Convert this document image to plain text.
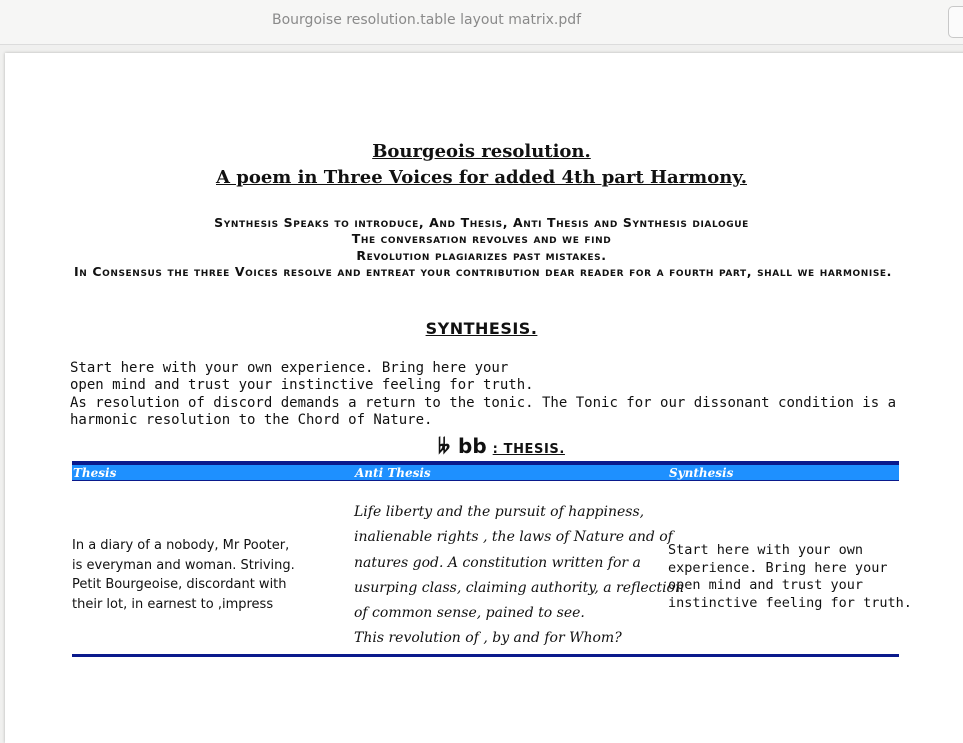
Bourgoise resolution.table layout matrix.pdf
Bourgeois resolution.
A poem in Three Voices for added 4th part Harmony.
Synthesis Speaks to introduce, And Thesis, Anti Thesis and Synthesis dialogue
The conversation revolves and we find
Revolution plagiarizes past mistakes.
In Consensus the three Voices resolve and entreat your contribution dear reader for a fourth part, shall we harmonise.
SYNTHESIS.
Start here with your own experience. Bring here your
open mind and trust your instinctive feeling for truth.
As resolution of discord demands a return to the tonic. The Tonic for our dissonant condition is a
harmonic resolution to the Chord of Nature.
𝄫 bb : THESIS.
Thesis	Anti Thesis	Synthesis
In a diary of a nobody, Mr Pooter,
is everyman and woman. Striving.
Petit Bourgeoise, discordant with
their lot, in earnest to ,impress
Life liberty and the pursuit of happiness,
inalienable rights , the laws of Nature and of
natures god. A constitution written for a
usurping class, claiming authority, a reflection
of common sense, pained to see.
This revolution of , by and for Whom?
Start here with your own
experience. Bring here your
open mind and trust your
instinctive feeling for truth.
